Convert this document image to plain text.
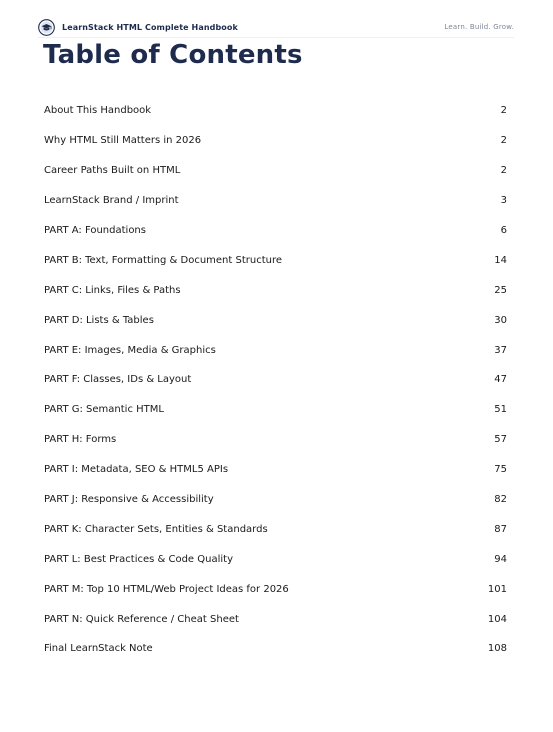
LearnStack HTML Complete Handbook	Learn. Build. Grow.
Table of Contents
About This Handbook	2
Why HTML Still Matters in 2026	2
Career Paths Built on HTML	2
LearnStack Brand / Imprint	3
PART A: Foundations	6
PART B: Text, Formatting & Document Structure	14
PART C: Links, Files & Paths	25
PART D: Lists & Tables	30
PART E: Images, Media & Graphics	37
PART F: Classes, IDs & Layout	47
PART G: Semantic HTML	51
PART H: Forms	57
PART I: Metadata, SEO & HTML5 APIs	75
PART J: Responsive & Accessibility	82
PART K: Character Sets, Entities & Standards	87
PART L: Best Practices & Code Quality	94
PART M: Top 10 HTML/Web Project Ideas for 2026	101
PART N: Quick Reference / Cheat Sheet	104
Final LearnStack Note	108
